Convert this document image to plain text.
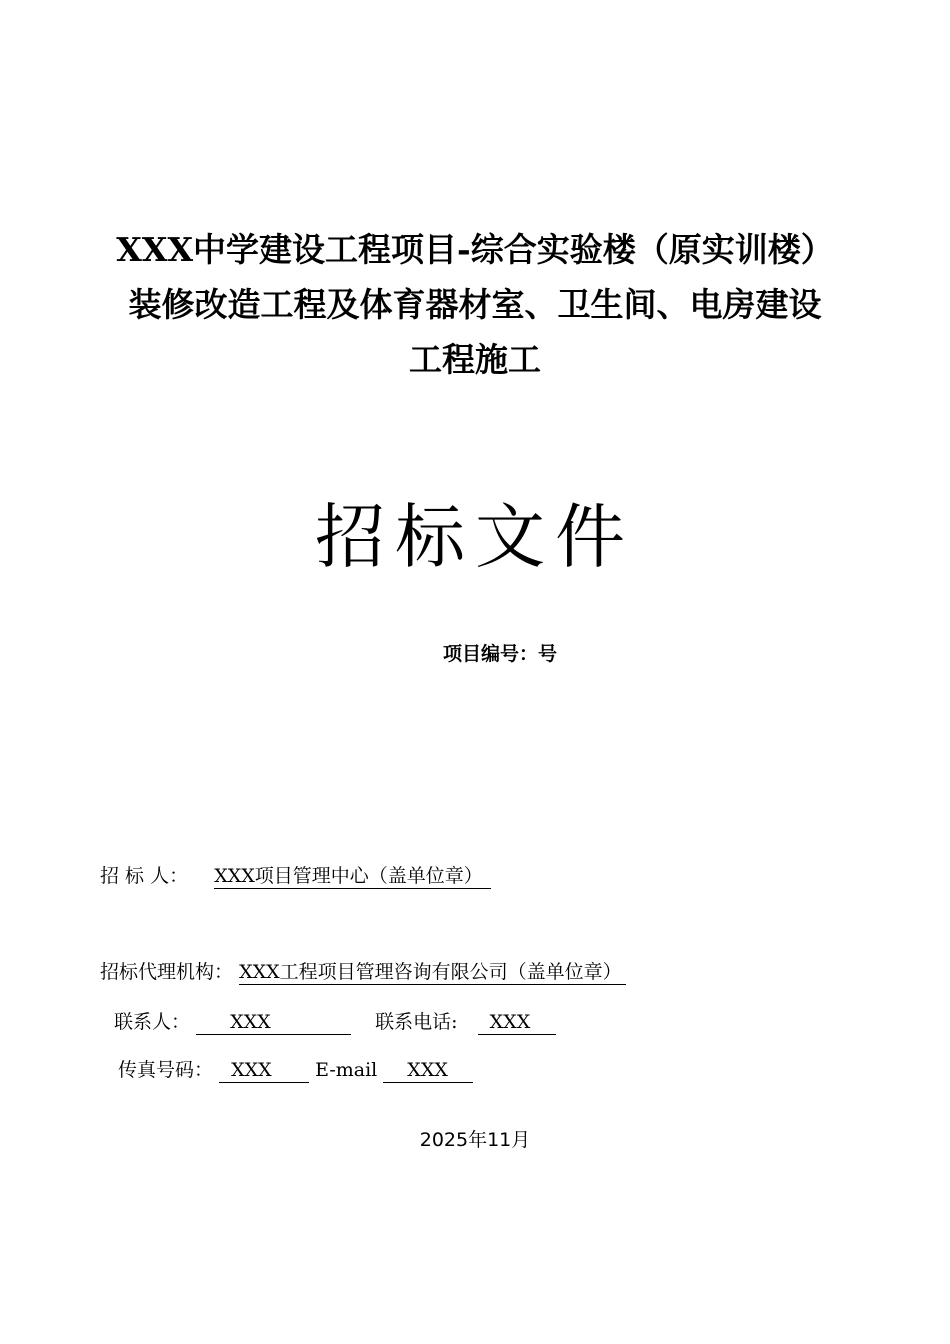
XXX中学建设工程项目-综合实验楼（原实训楼）
装修改造工程及体育器材室、卫生间、电房建设
工程施工
招标文件
项目编号：号
招 标 人：  XXX项目管理中心（盖单位章）
招标代理机构： XXX工程项目管理咨询有限公司（盖单位章）
联系人： XXX	联系电话: XXX
传真号码： XXX E-mail XXX
2025年11月
